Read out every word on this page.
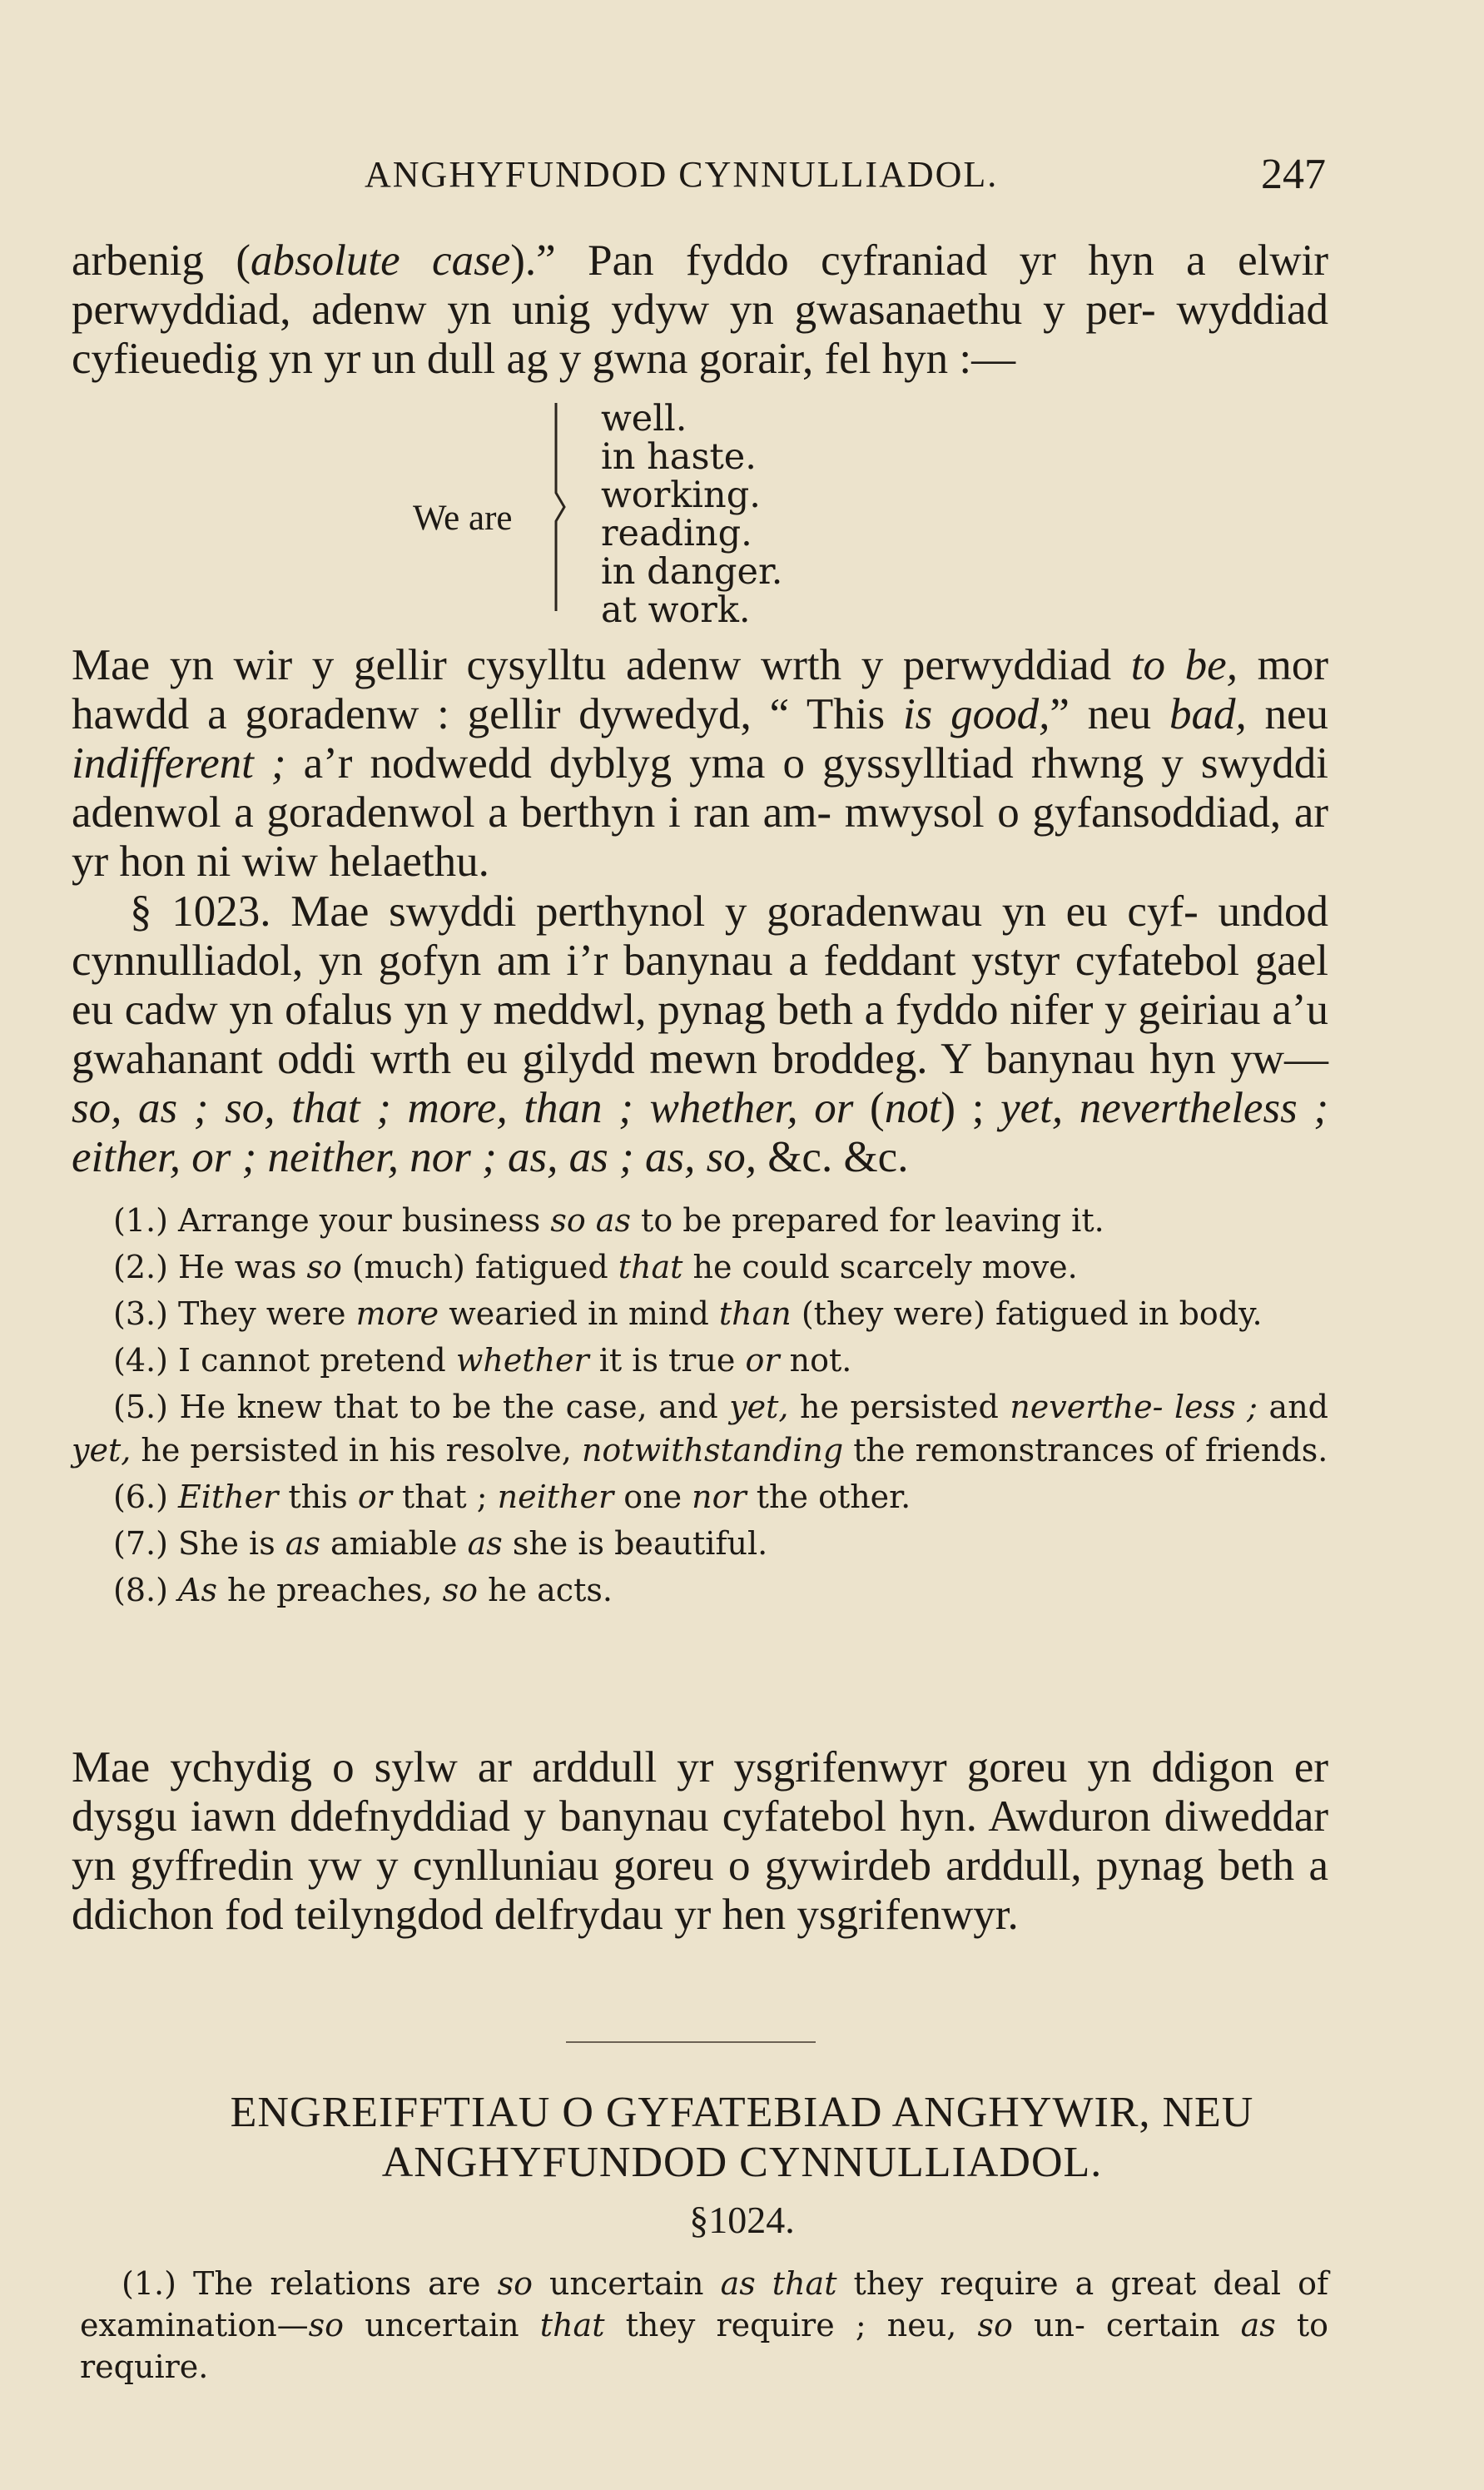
ANGHYFUNDOD CYNNULLIADOL.	247

arbenig (absolute case).” Pan fyddo cyfraniad yr hyn a elwir perwyddiad, adenw yn unig ydyw yn gwasanaethu y per- wyddiad cyfieuedig yn yr un dull ag y gwna gorair, fel hyn :—

We are
well.
in haste.
working.
reading.
in danger.
at work.

Mae yn wir y gellir cysylltu adenw wrth y perwyddiad to be, mor hawdd a goradenw : gellir dywedyd, “ This is good,” neu bad, neu indifferent ; a’r nodwedd dyblyg yma o gyssylltiad rhwng y swyddi adenwol a goradenwol a berthyn i ran am- mwysol o gyfansoddiad, ar yr hon ni wiw helaethu.

§ 1023. Mae swyddi perthynol y goradenwau yn eu cyf- undod cynnulliadol, yn gofyn am i’r banynau a feddant ystyr cyfatebol gael eu cadw yn ofalus yn y meddwl, pynag beth a fyddo nifer y geiriau a’u gwahanant oddi wrth eu gilydd mewn broddeg. Y banynau hyn yw—so, as ; so, that ; more, than ; whether, or (not) ; yet, nevertheless ; either, or ; neither, nor ; as, as ; as, so, &c. &c.

(1.) Arrange your business so as to be prepared for leaving it.

(2.) He was so (much) fatigued that he could scarcely move.

(3.) They were more wearied in mind than (they were) fatigued in body.

(4.) I cannot pretend whether it is true or not.

(5.) He knew that to be the case, and yet, he persisted neverthe- less ; and yet, he persisted in his resolve, notwithstanding the remonstrances of friends.

(6.) Either this or that ; neither one nor the other.

(7.) She is as amiable as she is beautiful.

(8.) As he preaches, so he acts.

Mae ychydig o sylw ar arddull yr ysgrifenwyr goreu yn ddigon er dysgu iawn ddefnyddiad y banynau cyfatebol hyn. Awduron diweddar yn gyffredin yw y cynlluniau goreu o gywirdeb arddull, pynag beth a ddichon fod teilyngdod delfrydau yr hen ysgrifenwyr.

ENGREIFFTIAU O GYFATEBIAD ANGHYWIR, NEU
ANGHYFUNDOD CYNNULLIADOL.
§1024.

(1.) The relations are so uncertain as that they require a great deal of examination—so uncertain that they require ; neu, so un- certain as to require.
